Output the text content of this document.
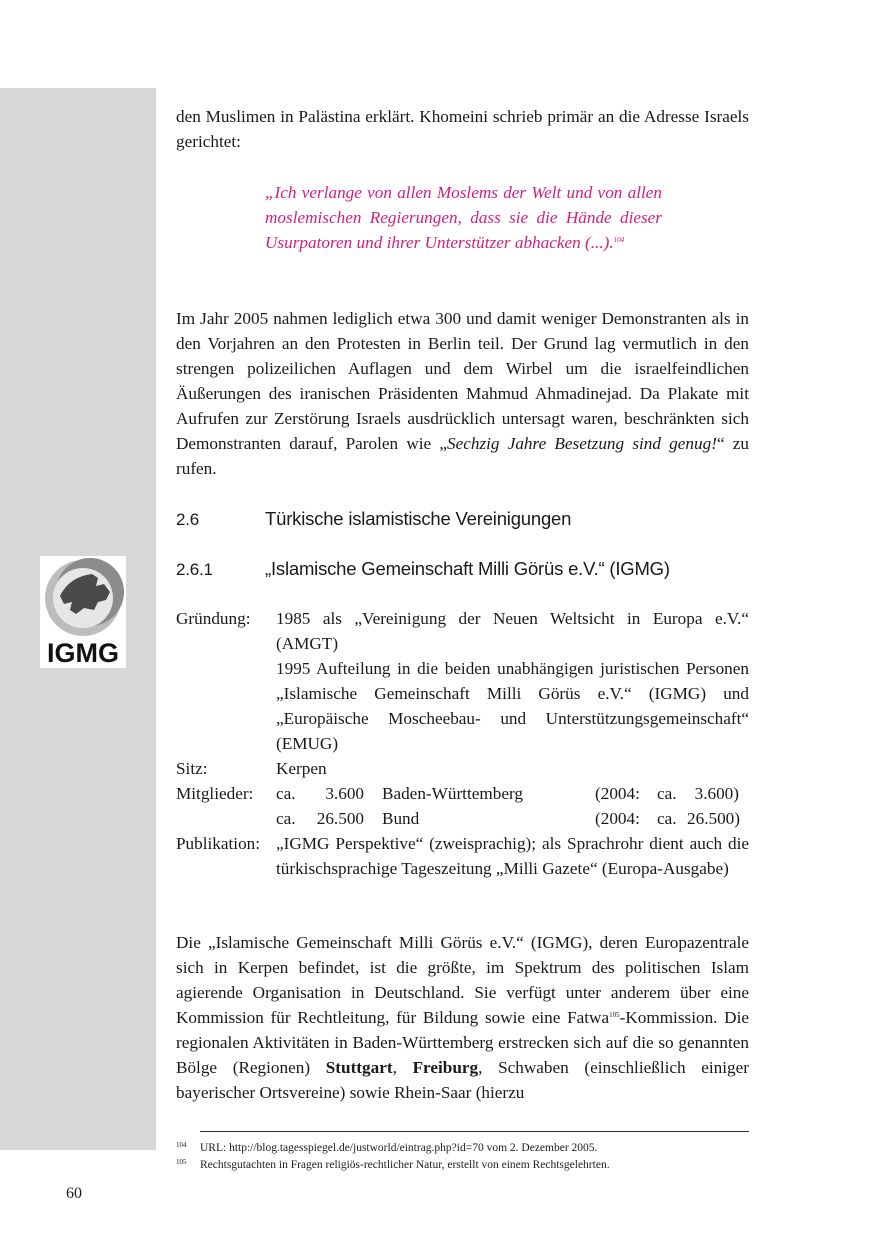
IGMG

den Muslimen in Palästina erklärt. Khomeini schrieb primär an die Adresse Israels gerichtet:

„Ich verlange von allen Moslems der Welt und von allen moslemischen Regierungen, dass sie die Hände dieser Usurpatoren und ihrer Unterstützer abhacken (...).$^{104}$

Im Jahr 2005 nahmen lediglich etwa 300 und damit weniger Demonstranten als in den Vorjahren an den Protesten in Berlin teil. Der Grund lag vermutlich in den strengen polizeilichen Auflagen und dem Wirbel um die israelfeindlichen Äußerungen des iranischen Präsidenten Mahmud Ahmadinejad. Da Plakate mit Aufrufen zur Zerstörung Israels ausdrücklich untersagt waren, beschränkten sich Demonstranten darauf, Parolen wie „Sechzig Jahre Besetzung sind genug!“ zu rufen.

2.6	Türkische islamistische Vereinigungen
2.6.1	„Islamische Gemeinschaft Milli Görüs e.V.“ (IGMG)
Gründung:	1985 als „Vereinigung der Neuen Weltsicht in Europa e.V.“ (AMGT)
1995 Aufteilung in die beiden unabhängigen juristischen Personen „Islamische Gemeinschaft Milli Görüs e.V.“ (IGMG) und „Europäische Moscheebau- und Unterstützungsgemeinschaft“ (EMUG)
Sitz:	Kerpen
Mitglieder:	ca.	3.600	Baden-Württemberg	(2004: ca.	3.600)
ca.	26.500	Bund	(2004: ca. 26.500)
Publikation: „IGMG Perspektive“ (zweisprachig); als Sprachrohr dient auch die türkischsprachige Tageszeitung „Milli Gazete“ (Europa-Ausgabe)

Die „Islamische Gemeinschaft Milli Görüs e.V.“ (IGMG), deren Europazentrale sich in Kerpen befindet, ist die größte, im Spektrum des politischen Islam agierende Organisation in Deutschland. Sie verfügt unter anderem über eine Kommission für Rechtleitung, für Bildung sowie eine Fatwa$^{105}$-Kommission. Die regionalen Aktivitäten in Baden-Württemberg erstrecken sich auf die so genannten Bölge (Regionen) Stuttgart, Freiburg, Schwaben (einschließlich einiger bayerischer Ortsvereine) sowie Rhein-Saar (hierzu

104 URL: http://blog.tagesspiegel.de/justworld/eintrag.php?id=70 vom 2. Dezember 2005.
105 Rechtsgutachten in Fragen religiös-rechtlicher Natur, erstellt von einem Rechtsgelehrten.
60
